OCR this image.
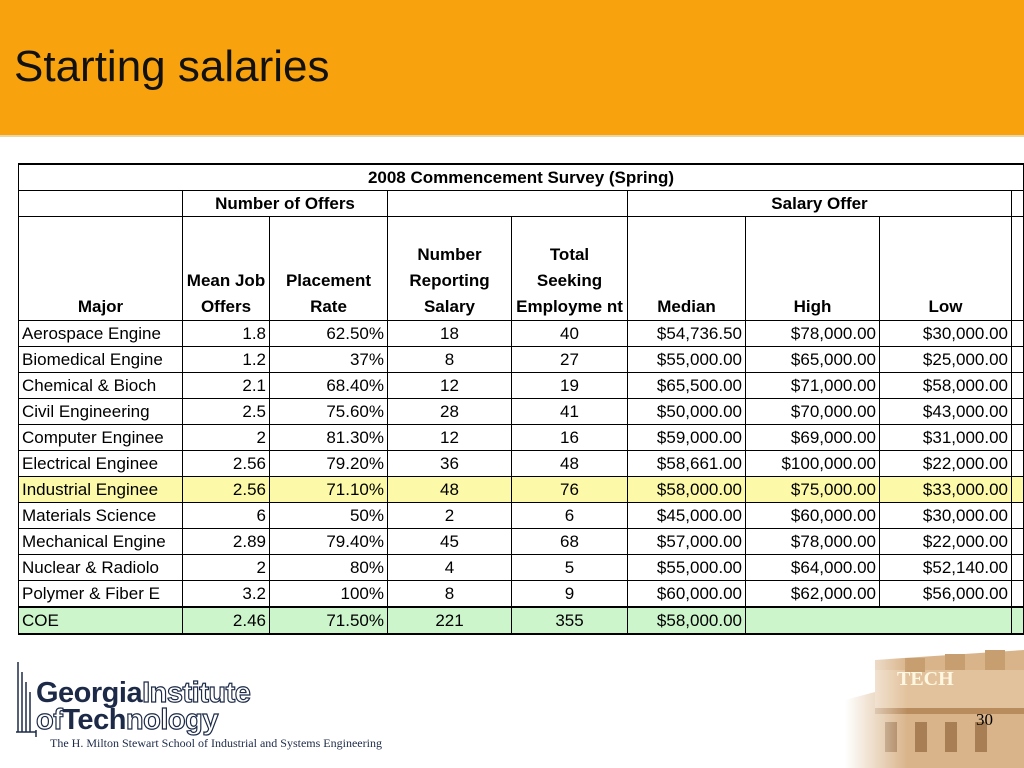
Starting salaries
2008 Commencement Survey (Spring)								
	Number of Offers				Salary Offer			
Major	Mean Job Offers	Placement Rate	Number Reporting Salary	Total Seeking Employme nt	Median	High	Low	
Aerospace Engine	1.8	62.50%	18	40	$54,736.50	$78,000.00	$30,000.00	
Biomedical Engine	1.2	37%	8	27	$55,000.00	$65,000.00	$25,000.00	
Chemical & Bioch	2.1	68.40%	12	19	$65,500.00	$71,000.00	$58,000.00	
Civil Engineering	2.5	75.60%	28	41	$50,000.00	$70,000.00	$43,000.00	
Computer Enginee	2	81.30%	12	16	$59,000.00	$69,000.00	$31,000.00	
Electrical Enginee	2.56	79.20%	36	48	$58,661.00	$100,000.00	$22,000.00	
Industrial Enginee	2.56	71.10%	48	76	$58,000.00	$75,000.00	$33,000.00	
Materials Science	6	50%	2	6	$45,000.00	$60,000.00	$30,000.00	
Mechanical Engine	2.89	79.40%	45	68	$57,000.00	$78,000.00	$22,000.00	
Nuclear & Radiolo	2	80%	4	5	$55,000.00	$64,000.00	$52,140.00	
Polymer & Fiber E	3.2	100%	8	9	$60,000.00	$62,000.00	$56,000.00	
COE	2.46	71.50%	221	355	$58,000.00			
GeorgiaInstitute
ofTechnology
The H. Milton Stewart School of Industrial and Systems Engineering
30
